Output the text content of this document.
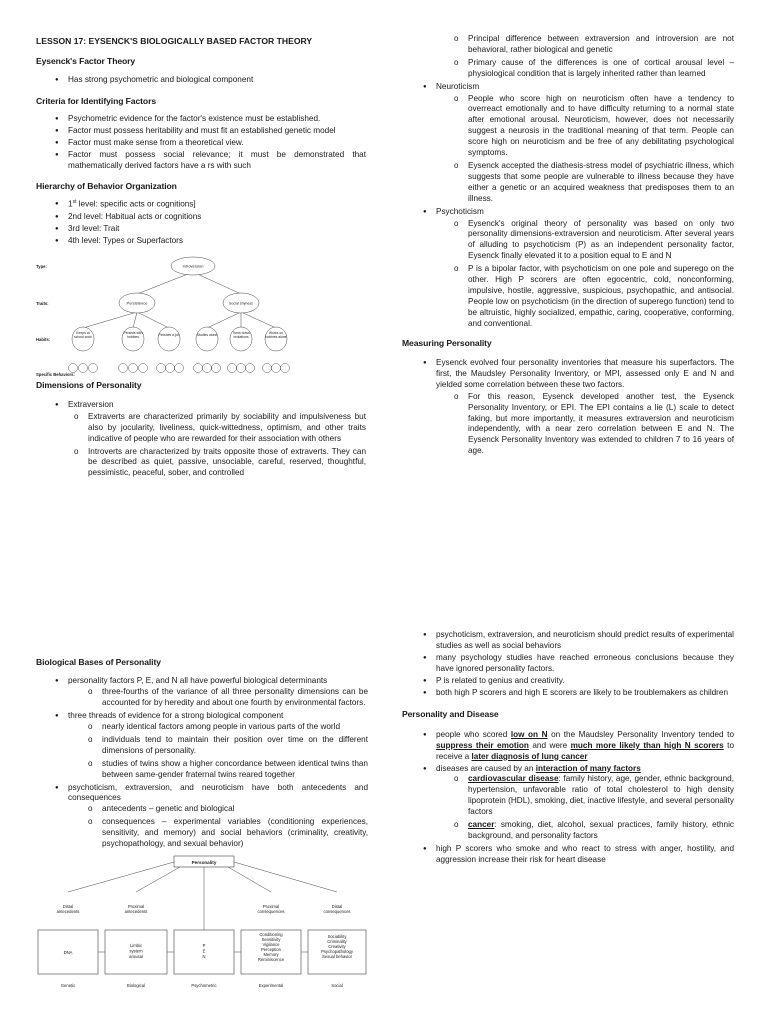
LESSON 17: EYSENCK'S BIOLOGICALLY BASED FACTOR THEORY
Eysenck's Factor Theory
● Has strong psychometric and biological component
Criteria for Identifying Factors
● Psychometric evidence for the factor's existence must be established.
● Factor must possess heritability and must fit an established genetic model
● Factor must make sense from a theoretical view.
● Factor must possess social relevance; it must be demonstrated that mathematically derived factors have a rs with such
Hierarchy of Behavior Organization
● 1st level: specific acts or cognitions]
● 2nd level: Habitual acts or cognitions
● 3rd level: Trait
● 4th level: Types or Superfactors
Type:
Traits:
Habits:
Specific Behaviors:
Introversion
Persistence	Social shyness
Keeps at school work
Persists with hobbies
Finishes a job	Studies alone	Turns down invitations
Works on hobbies alone
Dimensions of Personality
● Extraversion
o Extraverts are characterized primarily by sociability and impulsiveness but also by jocularity, liveliness, quick-wittedness, optimism, and other traits indicative of people who are rewarded for their association with others
o Introverts are characterized by traits opposite those of extraverts. They can be described as quiet, passive, unsociable, careful, reserved, thoughtful, pessimistic, peaceful, sober, and controlled
o Principal difference between extraversion and introversion are not behavioral, rather biological and genetic
o Primary cause of the differences is one of cortical arousal level – physiological condition that is largely inherited rather than learned
● Neuroticism
o People who score high on neuroticism often have a tendency to overreact emotionally and to have difficulty returning to a normal state after emotional arousal. Neuroticism, however, does not necessarily suggest a neurosis in the traditional meaning of that term. People can score high on neuroticism and be free of any debilitating psychological symptoms.
o Eysenck accepted the diathesis-stress model of psychiatric illness, which suggests that some people are vulnerable to illness because they have either a genetic or an acquired weakness that predisposes them to an illness.
● Psychoticism
o Eysenck's original theory of personality was based on only two personality dimensions-extraversion and neuroticism. After several years of alluding to psychoticism (P) as an independent personality factor, Eysenck finally elevated it to a position equal to E and N
o P is a bipolar factor, with psychoticism on one pole and superego on the other. High P scorers are often egocentric, cold, nonconforming, impulsive, hostile, aggressive, suspicious, psychopathic, and antisocial. People low on psychoticism (in the direction of superego function) tend to be altruistic, highly socialized, empathic, caring, cooperative, conforming, and conventional.
Measuring Personality
● Eysenck evolved four personality inventories that measure his superfactors. The first, the Maudsley Personality Inventory, or MPI, assessed only E and N and yielded some correlation between these two factors.
o For this reason, Eysenck developed another test, the Eysenck Personality Inventory, or EPI. The EPI contains a lie (L) scale to detect faking, but more importantly, it measures extraversion and neuroticism independently, with a near zero correlation between E and N. The Eysenck Personality Inventory was extended to children 7 to 16 years of age.
Biological Bases of Personality
● personality factors P, E, and N all have powerful biological determinants
o three-fourths of the variance of all three personality dimensions can be accounted for by heredity and about one fourth by environmental factors.
● three threads of evidence for a strong biological component
o nearly identical factors among people in various parts of the world
o individuals tend to maintain their position over time on the different dimensions of personality.
o studies of twins show a higher concordance between identical twins than between same-gender fraternal twins reared together
● psychoticism, extraversion, and neuroticism have both antecedents and consequences
o antecedents – genetic and biological
o consequences – experimental variables (conditioning experiences, sensitivity, and memory) and social behaviors (criminality, creativity, psychopathology, and sexual behavior)
Personality
Distal antecedents
Proximal antecedents
Proximal consequences
Distal consequences
DNA
Limbic
system
arousal
P
E
N
Conditioning
Sensitivity
Vigilance
Perception
Memory
Reminiscence
Sociability
Criminality
Creativity
Psychopathology
Sexual behavior
Genetic	Biological	Psychometric	Experimental	Social
● psychoticism, extraversion, and neuroticism should predict results of experimental studies as well as social behaviors
● many psychology studies have reached erroneous conclusions because they have ignored personality factors.
● P is related to genius and creativity.
● both high P scorers and high E scorers are likely to be troublemakers as children
Personality and Disease
● people who scored low on N on the Maudsley Personality Inventory tended to suppress their emotion and were much more likely than high N scorers to receive a later diagnosis of lung cancer
● diseases are caused by an interaction of many factors
o cardiovascular disease: family history, age, gender, ethnic background, hypertension, unfavorable ratio of total cholesterol to high density lipoprotein (HDL), smoking, diet, inactive lifestyle, and several personality factors
o cancer: smoking, diet, alcohol, sexual practices, family history, ethnic background, and personality factors
● high P scorers who smoke and who react to stress with anger, hostility, and aggression increase their risk for heart disease
